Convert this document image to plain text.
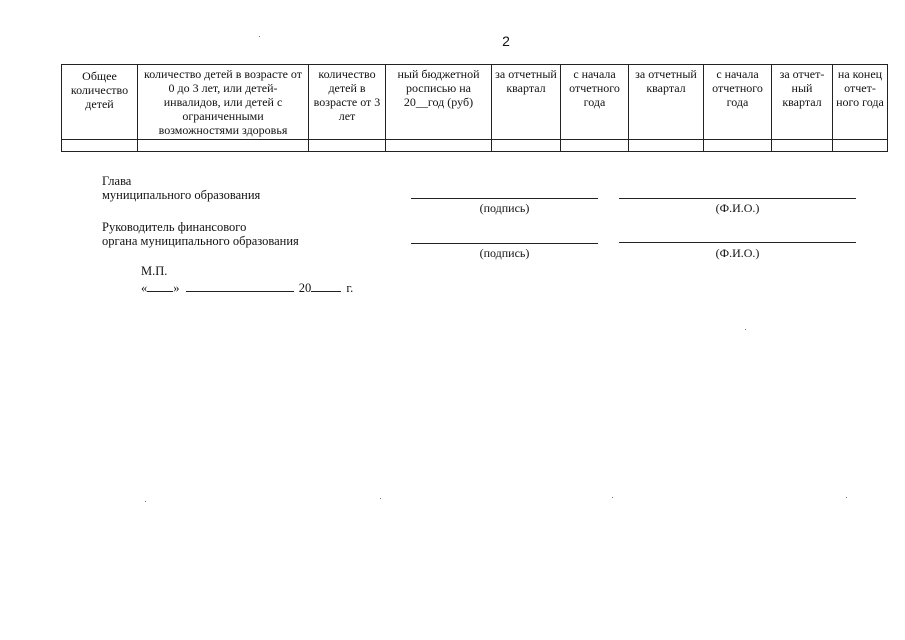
2
Общее количество детей	количество детей в возрасте от 0 до 3 лет, или детей-инвалидов, или детей с ограниченными возможностями здоровья	количество детей в возрасте от 3 лет	ный бюджетной росписью на 20__год (руб)	за отчетный квартал	с начала отчетного года	за отчетный квартал	с начала отчетного года	за отчет-ный квартал	на конец отчет-ного года

Глава
муниципального образования
(подпись)	(Ф.И.О.)
Руководитель финансового
органа муниципального образования
(подпись)	(Ф.И.О.)
М.П.
« »	20	г.
